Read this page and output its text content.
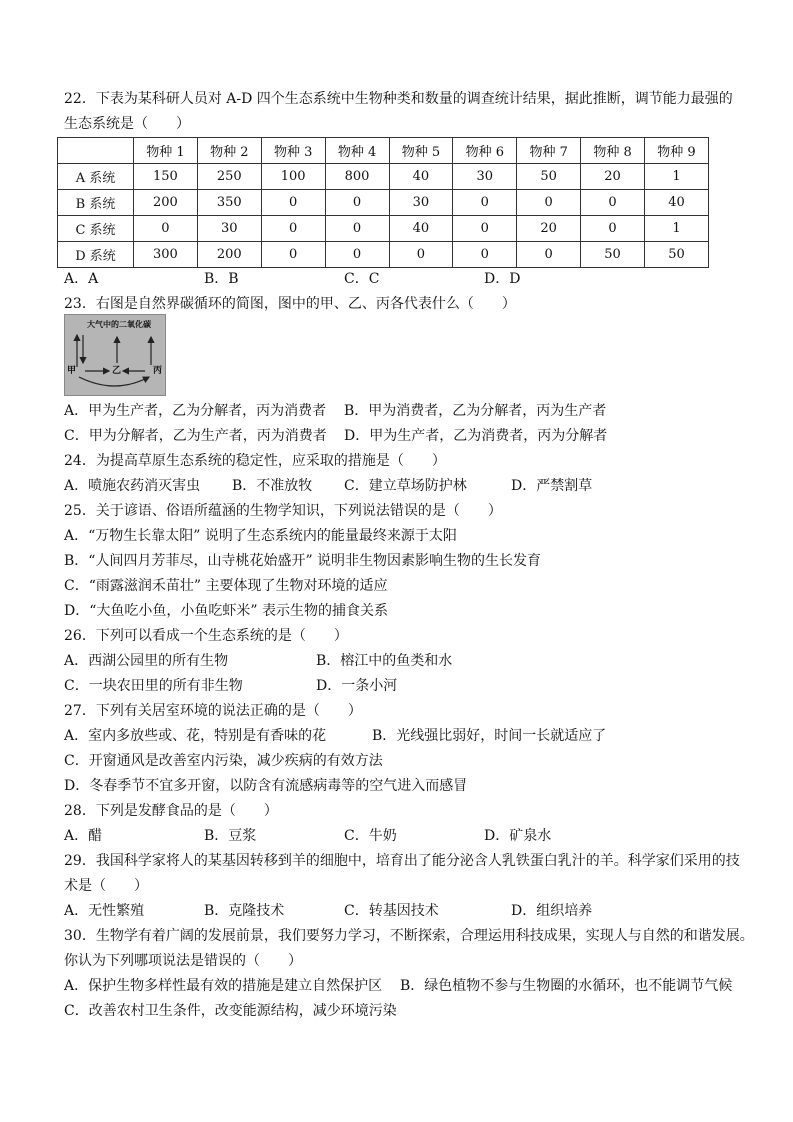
22．下表为某科研人员对 A-D 四个生态系统中生物种类和数量的调查统计结果，据此推断，调节能力最强的
生态系统是（　　）
	物种 1	物种 2	物种 3	物种 4	物种 5	物种 6	物种 7	物种 8	物种 9
A 系统	150	250	100	800	40	30	50	20	1
B 系统	200	350	0	0	30	0	0	0	40
C 系统	0	30	0	0	40	0	20	0	1
D 系统	300	200	0	0	0	0	0	50	50
A．A	B．B	C．C	D．D
23．右图是自然界碳循环的简图，图中的甲、乙、丙各代表什么（　　）
大气中的二氧化碳
甲	乙	丙
A．甲为生产者，乙为分解者，丙为消费者 B．甲为消费者，乙为分解者，丙为生产者
C．甲为分解者，乙为生产者，丙为消费者 D．甲为生产者，乙为消费者，丙为分解者
24．为提高草原生态系统的稳定性，应采取的措施是（　　）
A．喷施农药消灭害虫 B．不准放牧 C．建立草场防护林	D．严禁割草
25．关于谚语、俗语所蕴涵的生物学知识，下列说法错误的是（　　）
A．“万物生长靠太阳” 说明了生态系统内的能量最终来源于太阳
B．“人间四月芳菲尽，山寺桃花始盛开” 说明非生物因素影响生物的生长发育
C．“雨露滋润禾苗壮” 主要体现了生物对环境的适应
D．“大鱼吃小鱼，小鱼吃虾米” 表示生物的捕食关系
26．下列可以看成一个生态系统的是（　　）
A．西湖公园里的所有生物	B．榕江中的鱼类和水
C．一块农田里的所有非生物	D．一条小河
27．下列有关居室环境的说法正确的是（　　）
A．室内多放些或、花，特别是有香味的花	B．光线强比弱好，时间一长就适应了
C．开窗通风是改善室内污染，减少疾病的有效方法
D．冬春季节不宜多开窗，以防含有流感病毒等的空气进入而感冒
28．下列是发酵食品的是（　　）
A．醋	B．豆浆	C．牛奶	D．矿泉水
29．我国科学家将人的某基因转移到羊的细胞中，培育出了能分泌含人乳铁蛋白乳汁的羊。科学家们采用的技
术是（　　）
A．无性繁殖	B．克隆技术	C．转基因技术	D．组织培养
30．生物学有着广阔的发展前景，我们要努力学习，不断探索，合理运用科技成果，实现人与自然的和谐发展。
你认为下列哪项说法是错误的（　　）
A．保护生物多样性最有效的措施是建立自然保护区 B．绿色植物不参与生物圈的水循环，也不能调节气候
C．改善农村卫生条件，改变能源结构，减少环境污染
